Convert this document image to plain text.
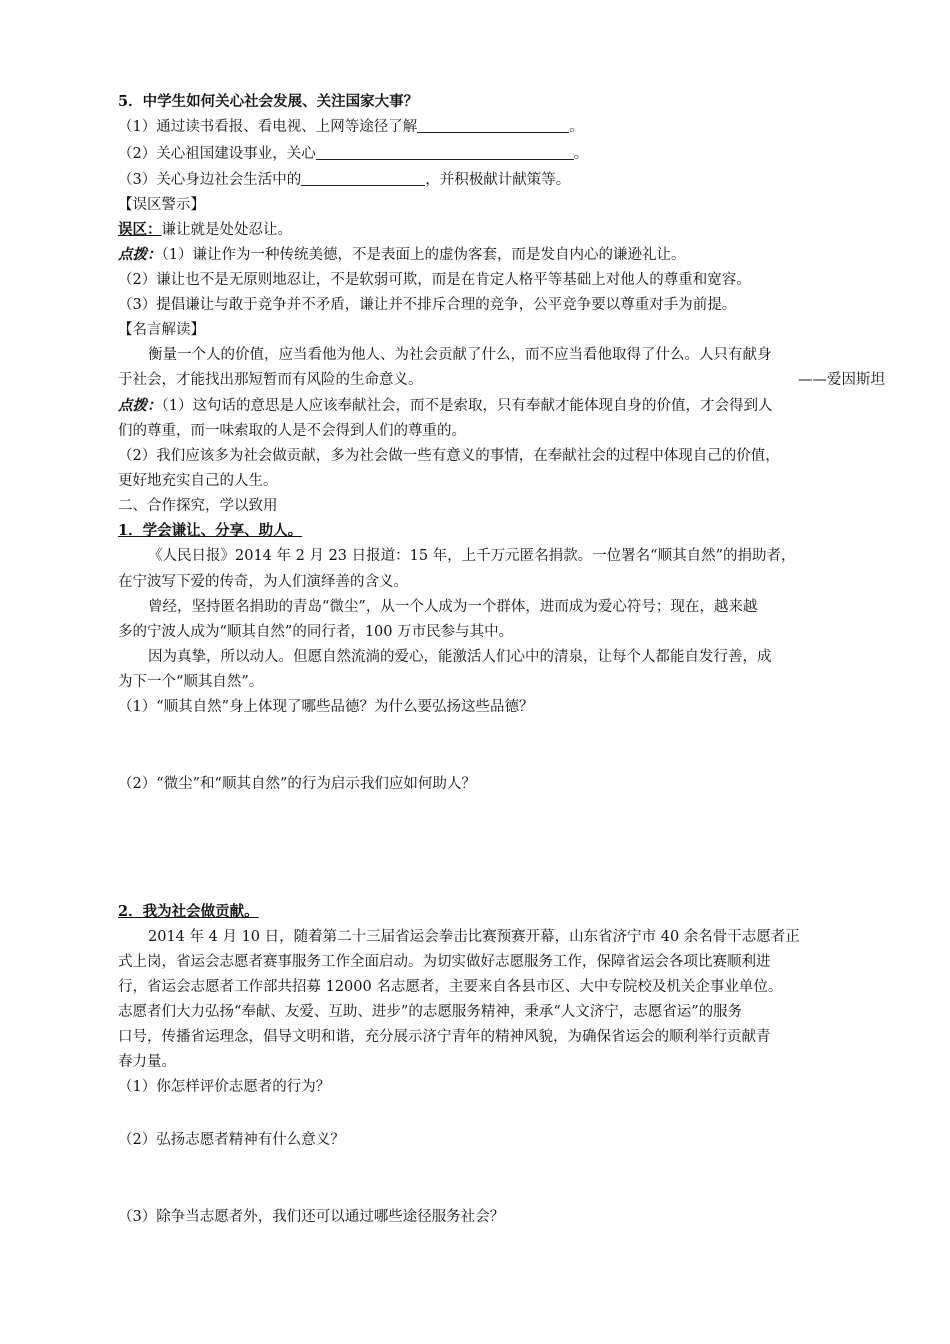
5．中学生如何关心社会发展、关注国家大事？
（1）通过读书看报、看电视、上网等途径了解	。
（2）关心祖国建设事业，关心	。
（3）关心身边社会生活中的	，并积极献计献策等。
【误区警示】
误区：谦让就是处处忍让。
点拨：（1）谦让作为一种传统美德，不是表面上的虚伪客套，而是发自内心的谦逊礼让。
（2）谦让也不是无原则地忍让，不是软弱可欺，而是在肯定人格平等基础上对他人的尊重和宽容。
（3）提倡谦让与敢于竞争并不矛盾，谦让并不排斥合理的竞争，公平竞争要以尊重对手为前提。
【名言解读】
衡量一个人的价值，应当看他为他人、为社会贡献了什么，而不应当看他取得了什么。人只有献身
于社会，才能找出那短暂而有风险的生命意义。	——爱因斯坦
点拨：（1）这句话的意思是人应该奉献社会，而不是索取，只有奉献才能体现自身的价值，才会得到人
们的尊重，而一味索取的人是不会得到人们的尊重的。
（2）我们应该多为社会做贡献，多为社会做一些有意义的事情，在奉献社会的过程中体现自己的价值，
更好地充实自己的人生。
二、合作探究，学以致用
1．学会谦让、分享、助人。
《人民日报》2014 年 2 月 23 日报道：15 年，上千万元匿名捐款。一位署名“顺其自然”的捐助者，
在宁波写下爱的传奇，为人们演绎善的含义。
曾经，坚持匿名捐助的青岛“微尘”，从一个人成为一个群体，进而成为爱心符号；现在，越来越
多的宁波人成为“顺其自然”的同行者，100 万市民参与其中。
因为真挚，所以动人。但愿自然流淌的爱心，能激活人们心中的清泉，让每个人都能自发行善，成
为下一个“顺其自然”。
（1）“顺其自然”身上体现了哪些品德？为什么要弘扬这些品德？
（2）“微尘”和“顺其自然”的行为启示我们应如何助人？
2．我为社会做贡献。
2014 年 4 月 10 日，随着第二十三届省运会拳击比赛预赛开幕，山东省济宁市 40 余名骨干志愿者正
式上岗，省运会志愿者赛事服务工作全面启动。为切实做好志愿服务工作，保障省运会各项比赛顺利进
行，省运会志愿者工作部共招募 12000 名志愿者，主要来自各县市区、大中专院校及机关企事业单位。
志愿者们大力弘扬“奉献、友爱、互助、进步”的志愿服务精神，秉承“人文济宁，志愿省运”的服务
口号，传播省运理念，倡导文明和谐，充分展示济宁青年的精神风貌，为确保省运会的顺利举行贡献青
春力量。
（1）你怎样评价志愿者的行为？
（2）弘扬志愿者精神有什么意义？
（3）除争当志愿者外，我们还可以通过哪些途径服务社会？
